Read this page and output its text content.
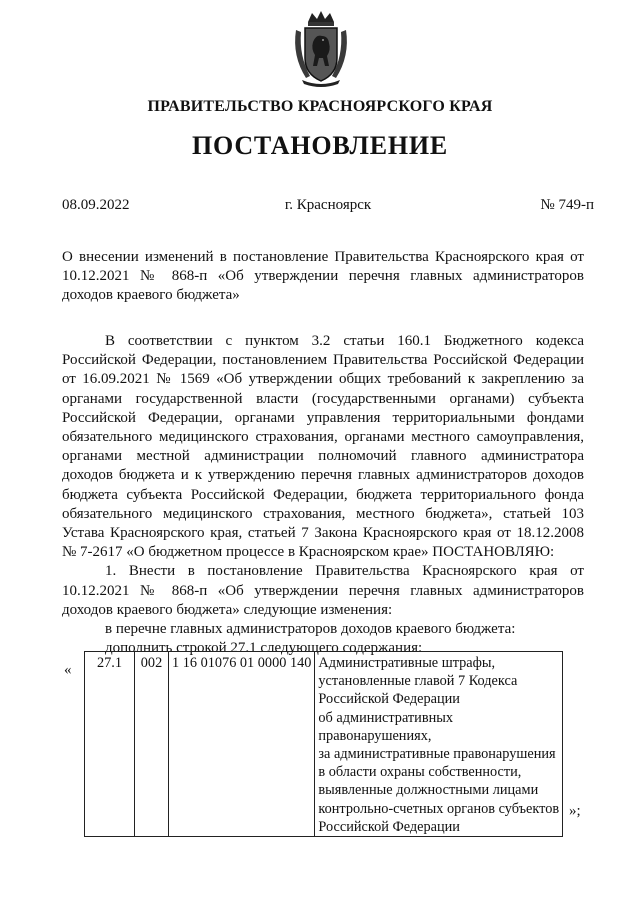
ПРАВИТЕЛЬСТВО КРАСНОЯРСКОГО КРАЯ
ПОСТАНОВЛЕНИЕ
08.09.2022	г. Красноярск	№ 749-п
О внесении изменений в постановление Правительства Красноярского края от 10.12.2021 № 868-п «Об утверждении перечня главных администраторов доходов краевого бюджета»

В соответствии с пунктом 3.2 статьи 160.1 Бюджетного кодекса Российской Федерации, постановлением Правительства Российской Федерации от 16.09.2021 № 1569 «Об утверждении общих требований к закреплению за органами государственной власти (государственными органами) субъекта Российской Федерации, органами управления территориальными фондами обязательного медицинского страхования, органами местного самоуправления, органами местной администрации полномочий главного администратора доходов бюджета и к утверждению перечня главных администраторов доходов бюджета субъекта Российской Федерации, бюджета территориального фонда обязательного медицинского страхования, местного бюджета», статьей 103 Устава Красноярского края, статьей 7 Закона Красноярского края от 18.12.2008 № 7-2617 «О бюджетном процессе в Красноярском крае» ПОСТАНОВЛЯЮ:

1. Внести в постановление Правительства Красноярского края от 10.12.2021 № 868-п «Об утверждении перечня главных администраторов доходов краевого бюджета» следующие изменения:

в перечне главных администраторов доходов краевого бюджета:

дополнить строкой 27.1 следующего содержания:

« 27.1	002	1 16 01076 01 0000 140	Административные штрафы,
установленные главой 7 Кодекса
Российской Федерации
об административных
правонарушениях,
за административные правонарушения
в области охраны собственности,
выявленные должностными лицами
контрольно-счетных органов субъектов
Российской Федерации
»;
